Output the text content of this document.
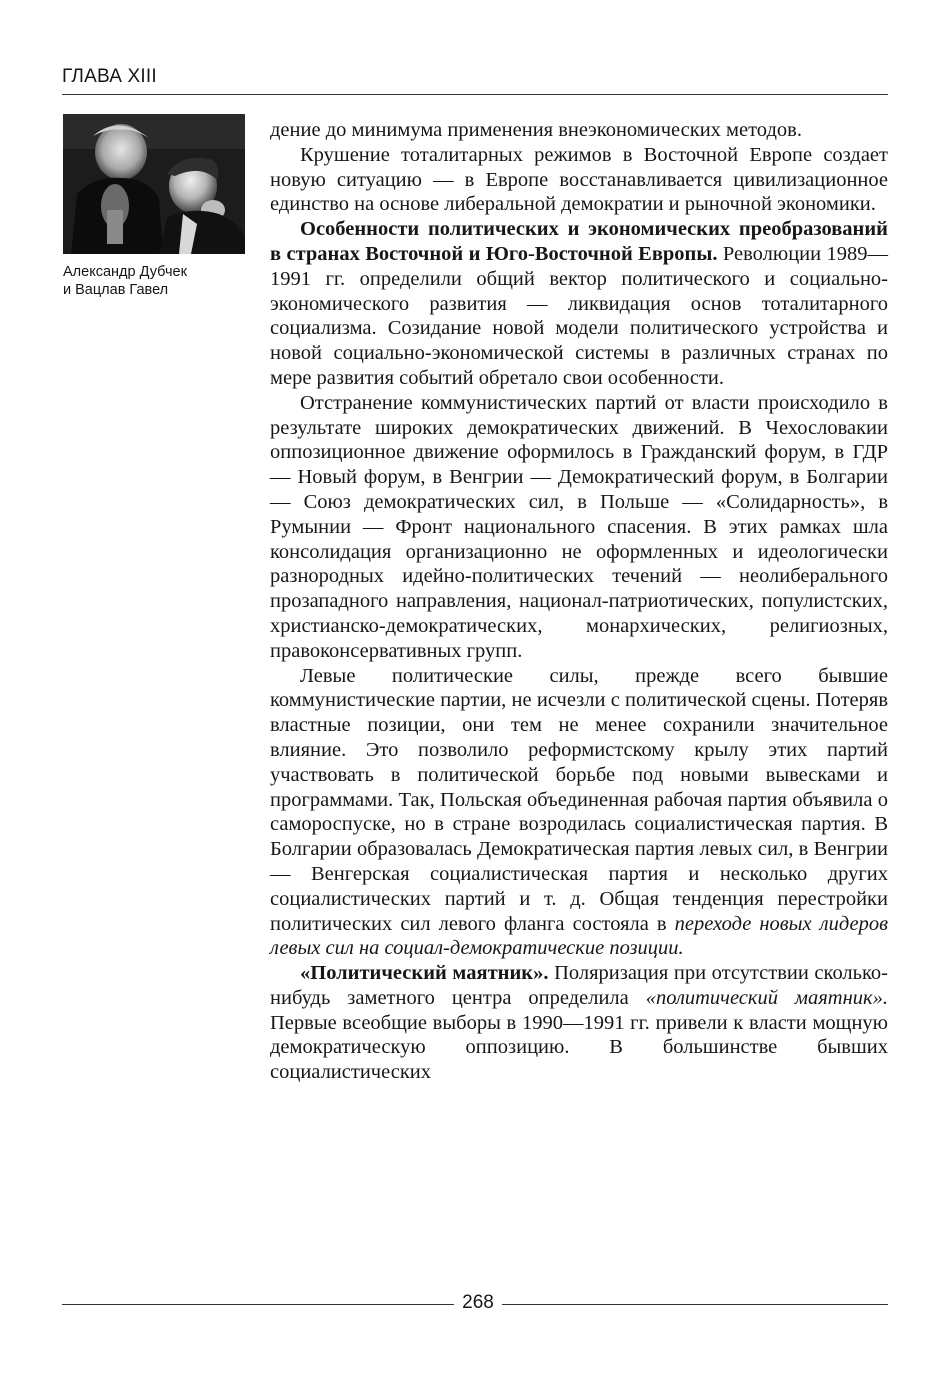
ГЛАВА XIII
Александр Дубчек
и Вацлав Гавел

дение до минимума применения внеэкономических методов.

Крушение тоталитарных режимов в Восточной Европе создает новую ситуацию — в Европе восстанавливается цивилизационное единство на основе либеральной демократии и рыночной экономики.

Особенности политических и экономических преобразований в странах Восточной и Юго-Восточной Европы. Революции 1989—1991 гг. определили общий вектор политического и социально-экономического развития — ликвидация основ тоталитарного социализма. Созидание новой модели политического устройства и новой социально-экономической системы в различных странах по мере развития событий обретало свои особенности.

Отстранение коммунистических партий от власти происходило в результате широких демократических движений. В Чехословакии оппозиционное движение оформилось в Гражданский форум, в ГДР — Новый форум, в Венгрии — Демократический форум, в Болгарии — Союз демократических сил, в Польше — «Солидарность», в Румынии — Фронт национального спасения. В этих рамках шла консолидация организационно не оформленных и идеологически разнородных идейно-политических течений — неолиберального прозападного направления, национал-патриотических, популистских, христианско-демократических, монархических, религиозных, правоконсервативных групп.

Левые политические силы, прежде всего бывшие коммунистические партии, не исчезли с политической сцены. Потеряв властные позиции, они тем не менее сохранили значительное влияние. Это позволило реформистскому крылу этих партий участвовать в политической борьбе под новыми вывесками и программами. Так, Польская объединенная рабочая партия объявила о самороспуске, но в стране возродилась социалистическая партия. В Болгарии образовалась Демократическая партия левых сил, в Венгрии — Венгерская социалистическая партия и несколько других социалистических партий и т. д. Общая тенденция перестройки политических сил левого фланга состояла в переходе новых лидеров левых сил на социал-демократические позиции.

«Политический маятник». Поляризация при отсутствии сколько-нибудь заметного центра определила «политический маятник». Первые всеобщие выборы в 1990—1991 гг. привели к власти мощную демократическую оппозицию. В большинстве бывших социалистических

268
